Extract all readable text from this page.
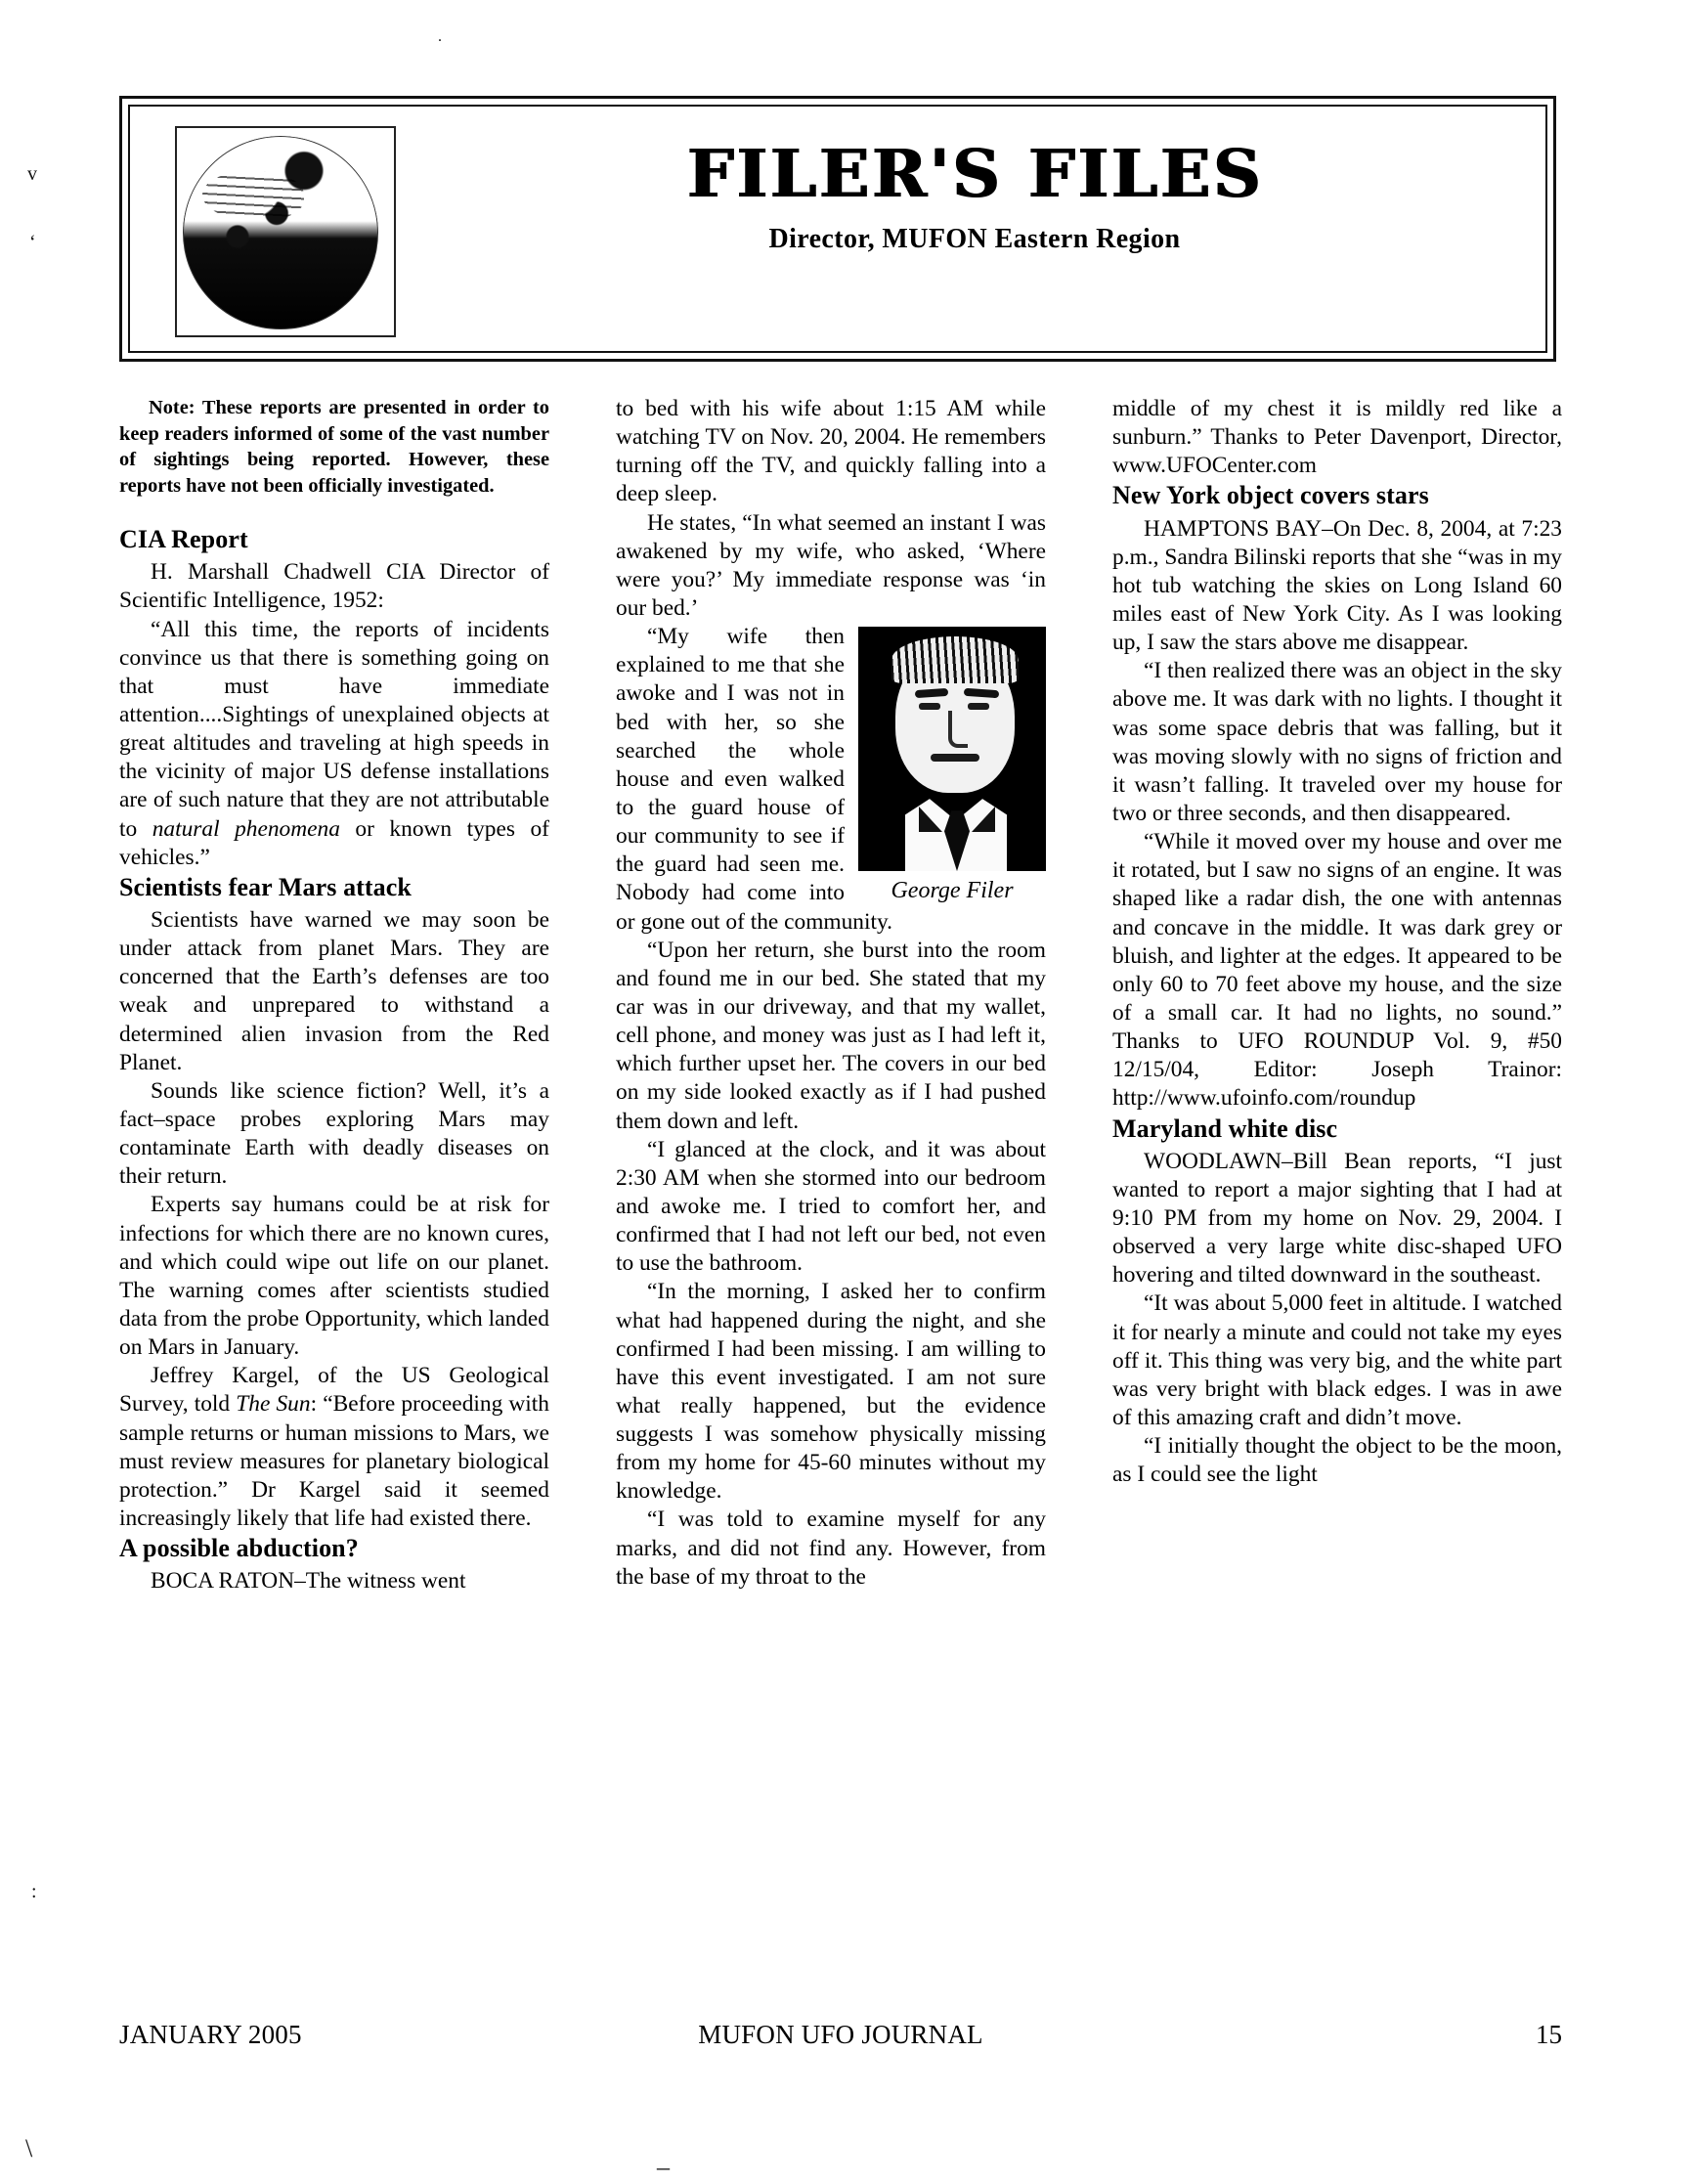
v
ʻ
:
\	_
.
FILER'S FILES
Director, MUFON Eastern Region

Note: These reports are presented in order to keep readers informed of some of the vast number of sightings being reported. However, these reports have not been officially investigated.

CIA Report

H. Marshall Chadwell CIA Director of Scientific Intelligence, 1952:

“All this time, the reports of incidents convince us that there is something going on that must have immediate attention....Sightings of unexplained objects at great altitudes and traveling at high speeds in the vicinity of major US defense installations are of such nature that they are not attributable to natural phenomena or known types of vehicles.”

Scientists fear Mars attack

Scientists have warned we may soon be under attack from planet Mars. They are concerned that the Earth’s defenses are too weak and unprepared to withstand a determined alien invasion from the Red Planet.

Sounds like science fiction? Well, it’s a fact–space probes exploring Mars may contaminate Earth with deadly diseases on their return.

Experts say humans could be at risk for infections for which there are no known cures, and which could wipe out life on our planet. The warning comes after scientists studied data from the probe Opportunity, which landed on Mars in January.

Jeffrey Kargel, of the US Geological Survey, told The Sun: “Before proceeding with sample returns or human missions to Mars, we must review measures for planetary biological protection.” Dr Kargel said it seemed increasingly likely that life had existed there.

A possible abduction?

BOCA RATON–The witness went

to bed with his wife about 1:15 AM while watching TV on Nov. 20, 2004. He remembers turning off the TV, and quickly falling into a deep sleep.

He states, “In what seemed an instant I was awakened by my wife, who asked, ‘Where were you?’ My immediate response was ‘in our bed.’

George Filer

“My wife then explained to me that she awoke and I was not in bed with her, so she searched the whole house and even walked to the guard house of our community to see if the guard had seen me. Nobody had come into or gone out of the community.

“Upon her return, she burst into the room and found me in our bed. She stated that my car was in our driveway, and that my wallet, cell phone, and money was just as I had left it, which further upset her. The covers in our bed on my side looked exactly as if I had pushed them down and left.

“I glanced at the clock, and it was about 2:30 AM when she stormed into our bedroom and awoke me. I tried to comfort her, and confirmed that I had not left our bed, not even to use the bathroom.

“In the morning, I asked her to confirm what had happened during the night, and she confirmed I had been missing. I am willing to have this event investigated. I am not sure what really happened, but the evidence suggests I was somehow physically missing from my home for 45-60 minutes without my knowledge.

“I was told to examine myself for any marks, and did not find any. However, from the base of my throat to the

middle of my chest it is mildly red like a sunburn.” Thanks to Peter Davenport, Director, www.UFOCenter.com

New York object covers stars

HAMPTONS BAY–On Dec. 8, 2004, at 7:23 p.m., Sandra Bilinski reports that she “was in my hot tub watching the skies on Long Island 60 miles east of New York City. As I was looking up, I saw the stars above me disappear.

“I then realized there was an object in the sky above me. It was dark with no lights. I thought it was some space debris that was falling, but it was moving slowly with no signs of friction and it wasn’t falling. It traveled over my house for two or three seconds, and then disappeared.

“While it moved over my house and over me it rotated, but I saw no signs of an engine. It was shaped like a radar dish, the one with antennas and concave in the middle. It was dark grey or bluish, and lighter at the edges. It appeared to be only 60 to 70 feet above my house, and the size of a small car. It had no lights, no sound.” Thanks to UFO ROUNDUP Vol. 9, #50 12/15/04, Editor: Joseph Trainor: http://www.ufoinfo.com/roundup

Maryland white disc

WOODLAWN–Bill Bean reports, “I just wanted to report a major sighting that I had at 9:10 PM from my home on Nov. 29, 2004. I observed a very large white disc-shaped UFO hovering and tilted downward in the southeast.

“It was about 5,000 feet in altitude. I watched it for nearly a minute and could not take my eyes off it. This thing was very big, and the white part was very bright with black edges. I was in awe of this amazing craft and didn’t move.

“I initially thought the object to be the moon, as I could see the light

JANUARY 2005	MUFON UFO JOURNAL	15
